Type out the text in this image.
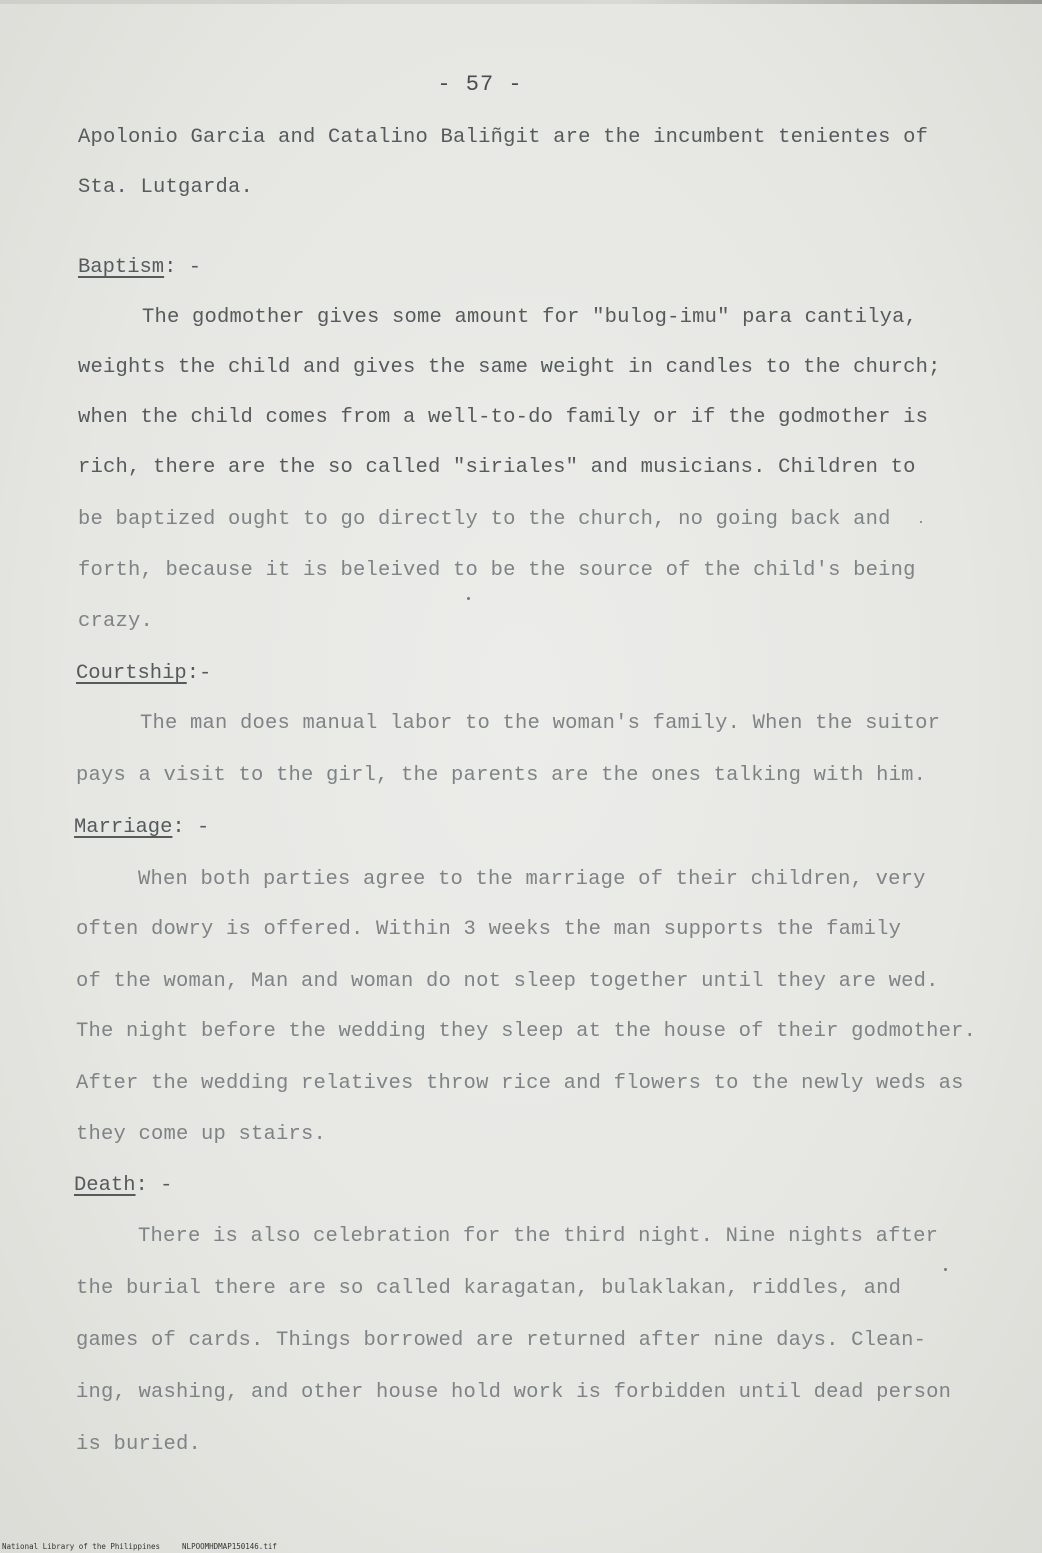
- 57 -
Apolonio Garcia and Catalino Baliñgit are the incumbent tenientes of
Sta. Lutgarda.
Baptism: -
The godmother gives some amount for "bulog-imu" para cantilya,
weights the child and gives the same weight in candles to the church;
when the child comes from a well-to-do family or if the godmother is
rich, there are the so called "siriales" and musicians. Children to
be baptized ought to go directly to the church, no going back and
forth, because it is beleived to be the source of the child's being
crazy.
Courtship:-
The man does manual labor to the woman's family. When the suitor
pays a visit to the girl, the parents are the ones talking with him.
Marriage: -
When both parties agree to the marriage of their children, very
often dowry is offered. Within 3 weeks the man supports the family
of the woman, Man and woman do not sleep together until they are wed.
The night before the wedding they sleep at the house of their godmother.
After the wedding relatives throw rice and flowers to the newly weds as
they come up stairs.
Death: -
There is also celebration for the third night. Nine nights after
the burial there are so called karagatan, bulaklakan, riddles, and
games of cards. Things borrowed are returned after nine days. Clean-
ing, washing, and other house hold work is forbidden until dead person
is buried.
National Library of the Philippines	NLPOOMHDMAP150146.tif
